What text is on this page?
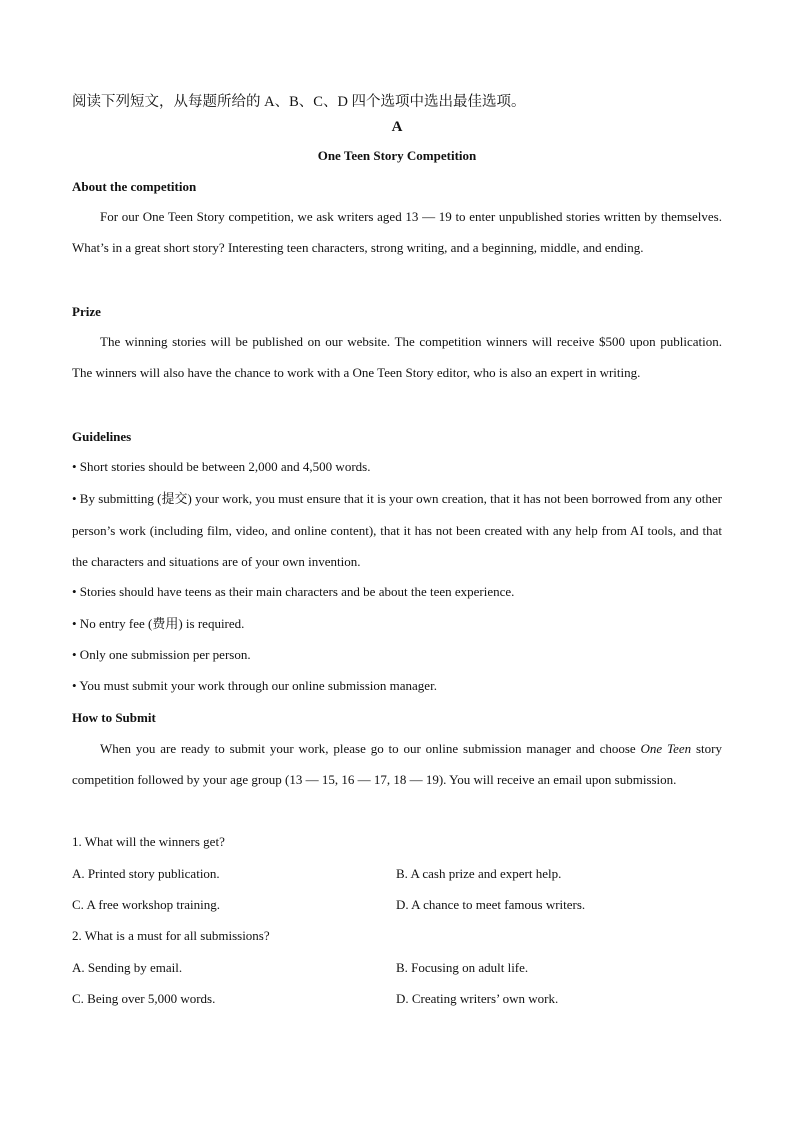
阅读下列短文，从每题所给的 A、B、C、D 四个选项中选出最佳选项。
A
One Teen Story Competition
About the competition
For our One Teen Story competition, we ask writers aged 13 — 19 to enter unpublished stories written by themselves. What’s in a great short story? Interesting teen characters, strong writing, and a beginning, middle, and ending.
Prize
The winning stories will be published on our website. The competition winners will receive $500 upon publication. The winners will also have the chance to work with a One Teen Story editor, who is also an expert in writing.
Guidelines
• Short stories should be between 2,000 and 4,500 words.
• By submitting (提交) your work, you must ensure that it is your own creation, that it has not been borrowed from any other person’s work (including film, video, and online content), that it has not been created with any help from AI tools, and that the characters and situations are of your own invention.
• Stories should have teens as their main characters and be about the teen experience.
• No entry fee (费用) is required.
• Only one submission per person.
• You must submit your work through our online submission manager.
How to Submit
When you are ready to submit your work, please go to our online submission manager and choose One Teen story competition followed by your age group (13 — 15, 16 — 17, 18 — 19). You will receive an email upon submission.
1. What will the winners get?
A. Printed story publication.	B. A cash prize and expert help.
C. A free workshop training.	D. A chance to meet famous writers.
2. What is a must for all submissions?
A. Sending by email.	B. Focusing on adult life.
C. Being over 5,000 words.	D. Creating writers’ own work.
